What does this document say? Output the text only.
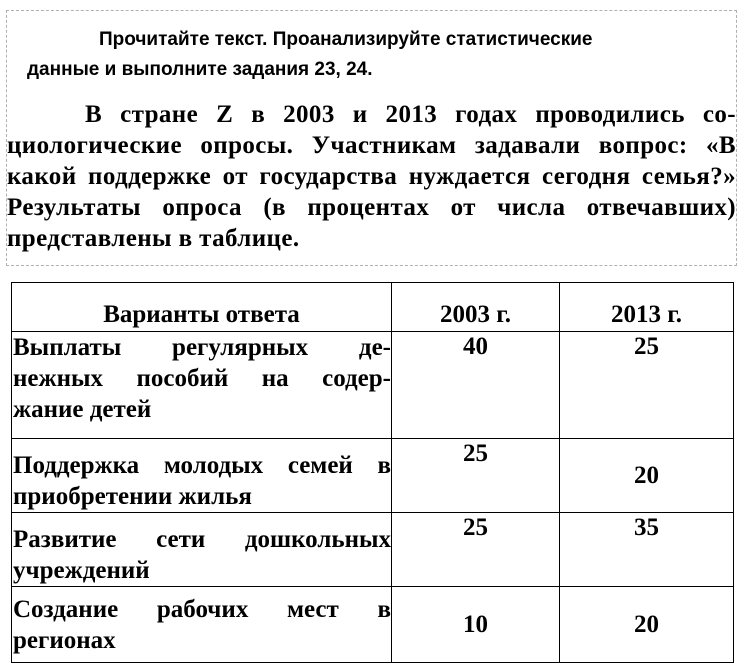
Прочитайте текст. Проанализируйте статистические
данные и выполните задания 23, 24.
В стране Z в 2003 и 2013 годах проводились со-
циологические опросы. Участникам задавали вопрос: «В
какой поддержке от государства нуждается сегодня семья?»
Результаты опроса (в процентах от числа отвечавших)
представлены в таблице.
Варианты ответа	2003 г.	2013 г.

Выплаты регулярных де-
нежных пособий на содер-
жание детей	40	25

Поддержка молодых семей в
приобретении жилья	25	20

Развитие сети дошкольных
учреждений	25	35

Создание рабочих мест в
регионах	10	20
